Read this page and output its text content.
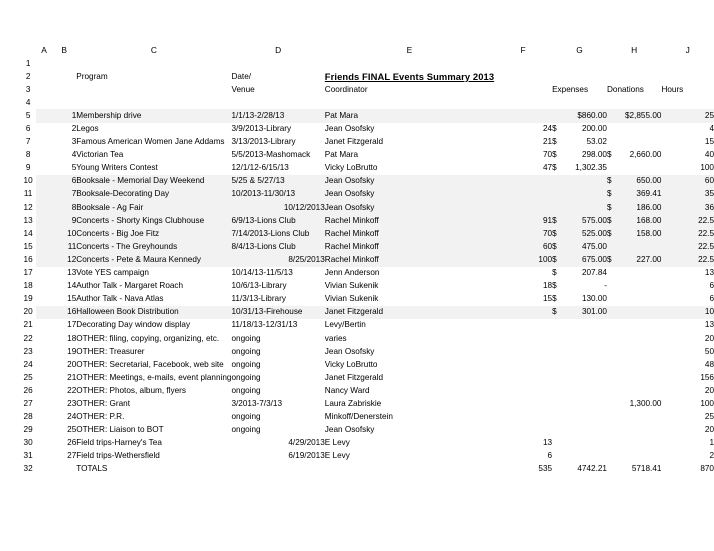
	A	B	C	D	E	F	G		H		J
1											
2			Program	Date/	Friends FINAL Events Summary 2013						
3				Venue	Coordinator		Expenses		Donations		Hours
4											
5		1	Membership drive	1/1/13-2/28/13	Pat Mara			$860.00		$2,855.00	25
6		2	Legos	3/9/2013-Library	Jean Osofsky	24	$	200.00			4
7		3	Famous American Women Jane Addams	3/13/2013-Library	Janet Fitzgerald	21	$	53.02			15
8		4	Victorian Tea	5/5/2013-Mashomack	Pat Mara	70	$	298.00	$	2,660.00	40
9		5	Young Writers Contest	12/1/12-6/15/13	Vicky LoBrutto	47	$	1,302.35			100
10		6	Booksale - Memorial Day Weekend	5/25 & 5/27/13	Jean Osofsky				$	650.00	60
11		7	Booksale-Decorating Day	10/2013-11/30/13	Jean Osofsky				$	369.41	35
12		8	Booksale - Ag Fair	10/12/2013	Jean Osofsky				$	186.00	36
13		9	Concerts - Shorty Kings Clubhouse	6/9/13-Lions Club	Rachel Minkoff	91	$	575.00	$	168.00	22.5
14		10	Concerts - Big Joe Fitz	7/14/2013-Lions Club	Rachel Minkoff	70	$	525.00	$	158.00	22.5
15		11	Concerts - The Greyhounds	8/4/13-Lions Club	Rachel Minkoff	60	$	475.00			22.5
16		12	Concerts - Pete & Maura Kennedy	8/25/2013	Rachel Minkoff	100	$	675.00	$	227.00	22.5
17		13	Vote YES campaign	10/14/13-11/5/13	Jenn Anderson		$	207.84			13
18		14	Author Talk - Margaret Roach	10/6/13-Library	Vivian Sukenik	18	$	-			6
19		15	Author Talk - Nava Atlas	11/3/13-Library	Vivian Sukenik	15	$	130.00			6
20		16	Halloween Book Distribution	10/31/13-Firehouse	Janet Fitzgerald		$	301.00			10
21		17	Decorating Day window display	11/18/13-12/31/13	Levy/Bertin						13
22		18	OTHER: filing, copying, organizing, etc.	ongoing	varies						20
23		19	OTHER: Treasurer	ongoing	Jean Osofsky						50
24		20	OTHER: Secretarial, Facebook, web site	ongoing	Vicky LoBrutto						48
25		21	OTHER: Meetings, e-mails, event planning	ongoing	Janet Fitzgerald						156
26		22	OTHER: Photos, album, flyers	ongoing	Nancy Ward						20
27		23	OTHER: Grant	3/2013-7/3/13	Laura Zabriskie					1,300.00	100
28		24	OTHER: P.R.	ongoing	Minkoff/Denerstein						25
29		25	OTHER: Liaison to BOT	ongoing	Jean Osofsky						20
30		26	Field trips-Harney's Tea	4/29/2013	E Levy	13					1
31		27	Field trips-Wethersfield	6/19/2013	E Levy	6					2
32			TOTALS			535		4742.21		5718.41	870
